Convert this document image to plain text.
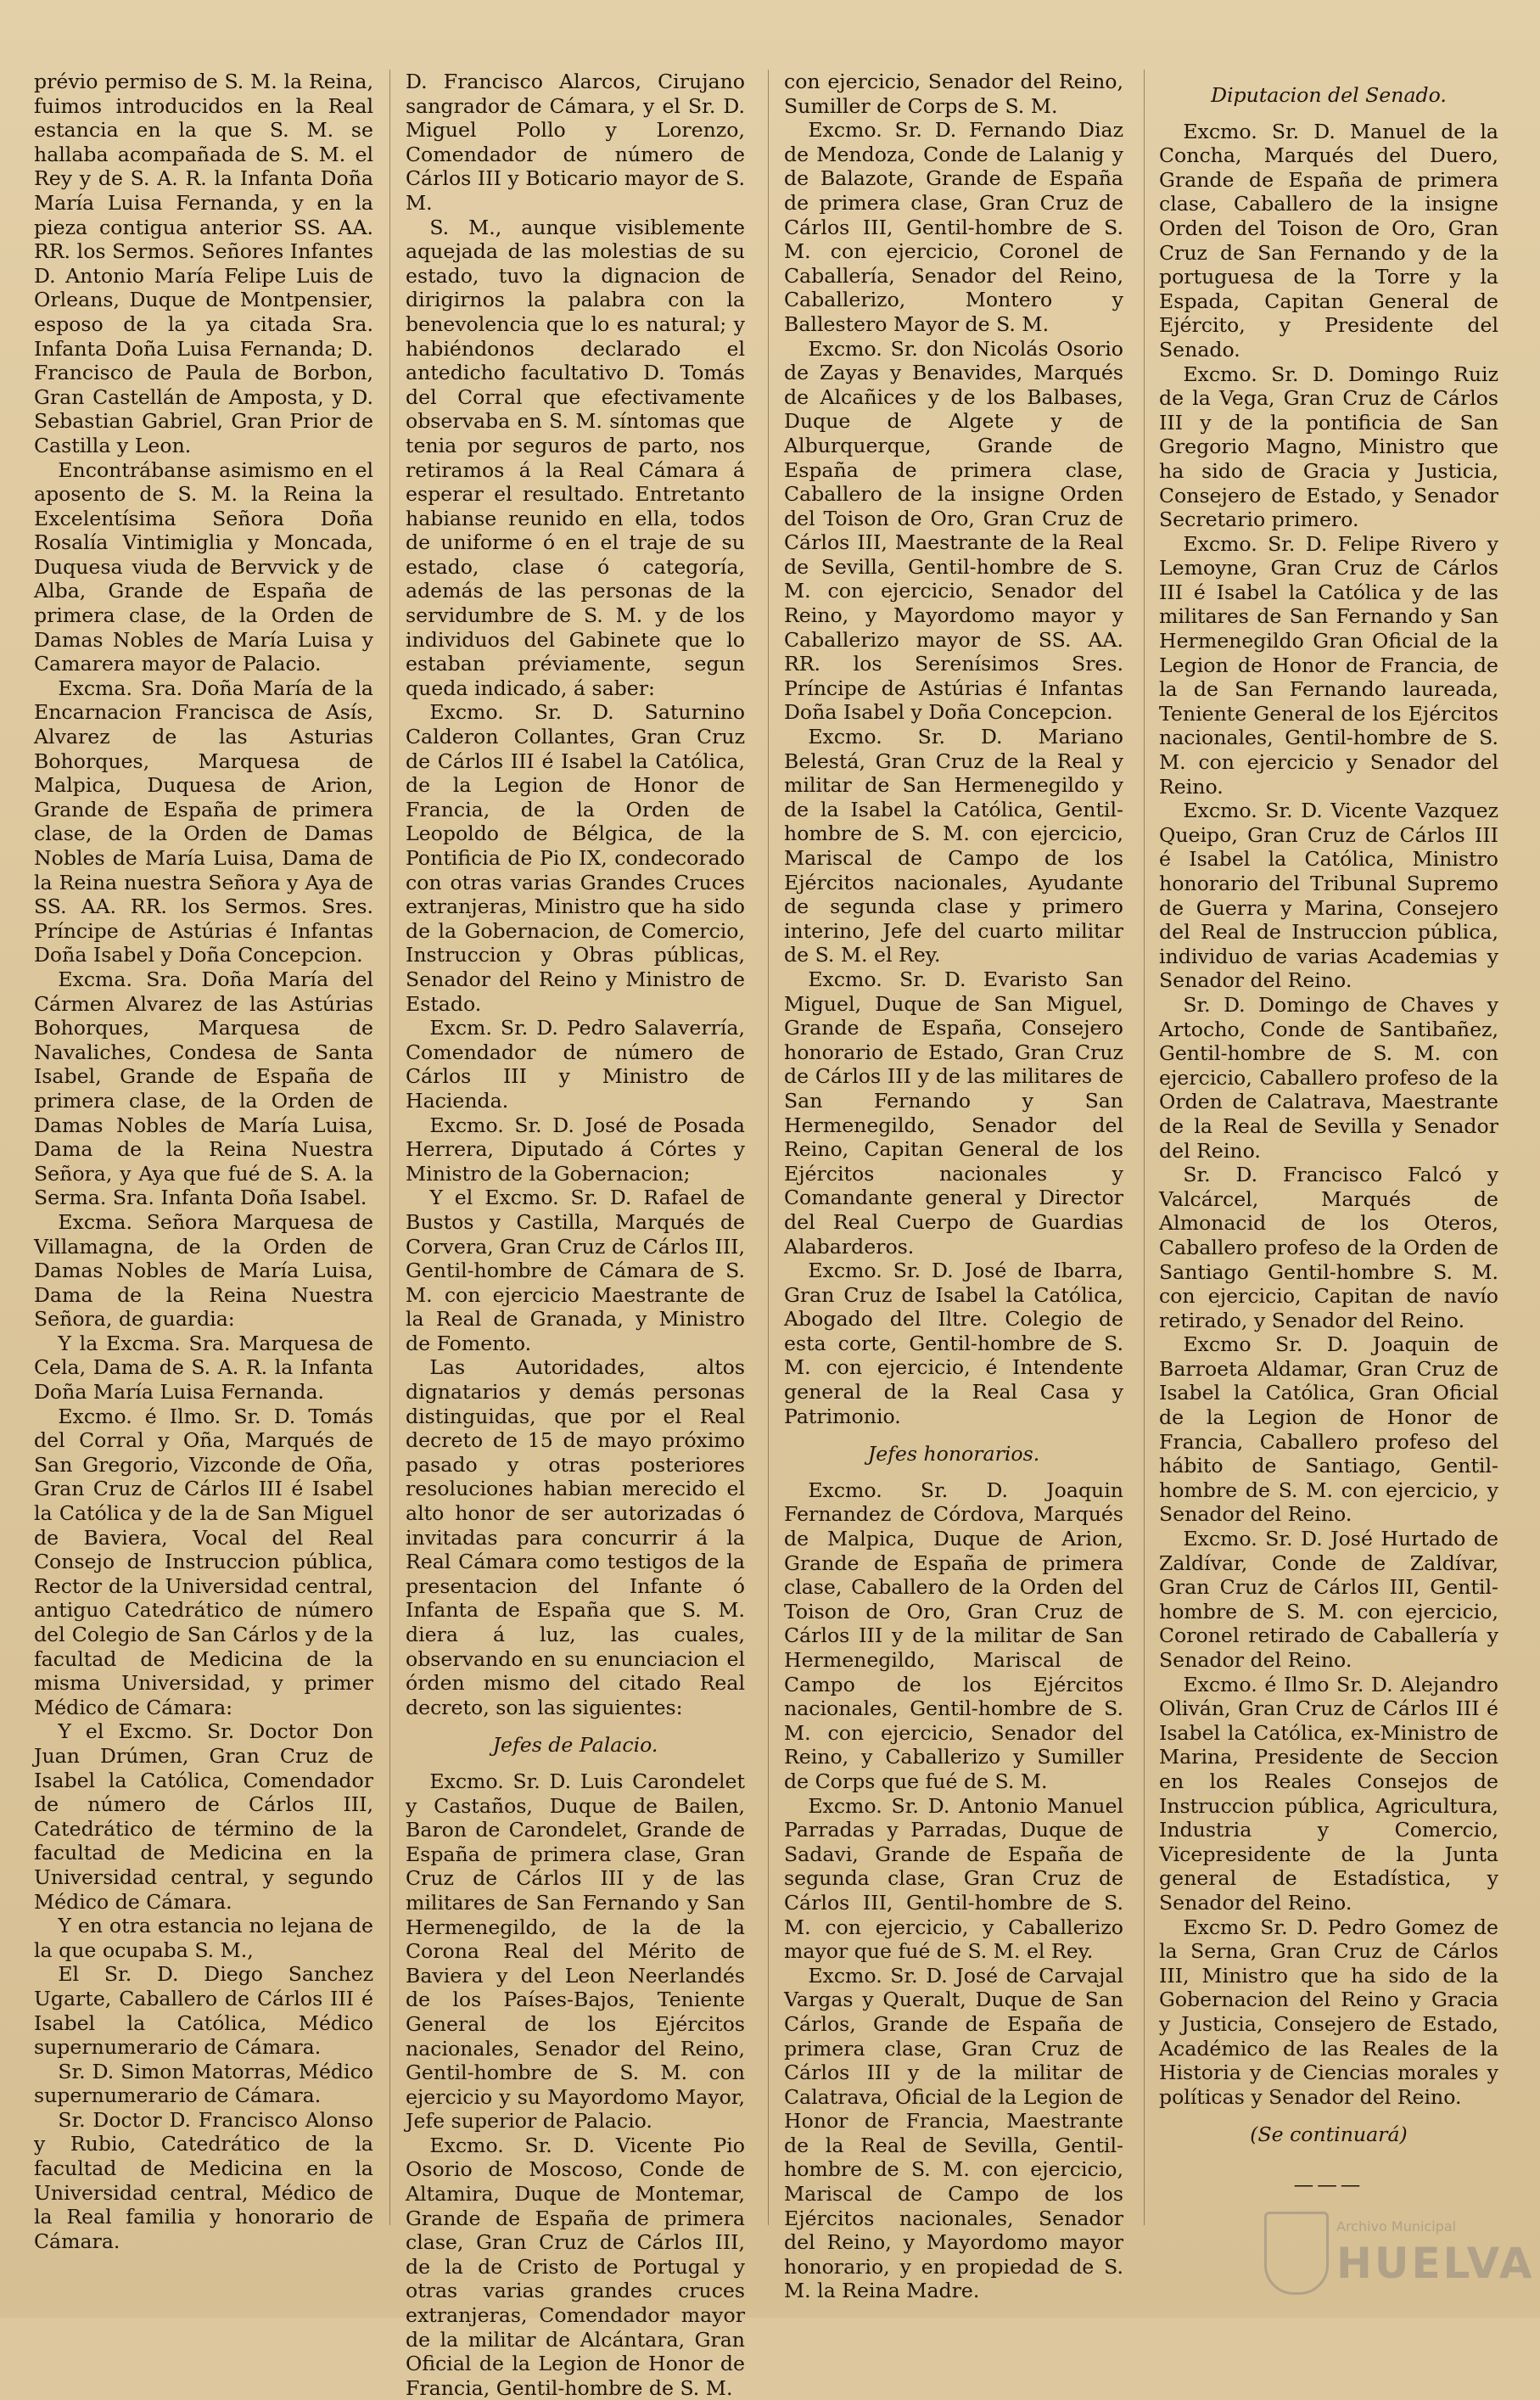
prévio permiso de S. M. la Reina, fuimos introducidos en la Real estancia en la que S. M. se hallaba acompañada de S. M. el Rey y de S. A. R. la Infanta Doña María Luisa Fernanda, y en la pieza contigua anterior SS. AA. RR. los Sermos. Señores Infantes D. Antonio María Felipe Luis de Orleans, Duque de Montpensier, esposo de la ya citada Sra. Infanta Doña Luisa Fernanda; D. Francisco de Paula de Borbon, Gran Castellán de Amposta, y D. Sebastian Gabriel, Gran Prior de Castilla y Leon.

Encontrábanse asimismo en el aposento de S. M. la Reina la Excelentísima Señora Doña Rosalía Vintimiglia y Moncada, Duquesa viuda de Bervvick y de Alba, Grande de España de primera clase, de la Orden de Damas Nobles de María Luisa y Camarera mayor de Palacio.

Excma. Sra. Doña María de la Encarnacion Francisca de Asís, Alvarez de las Asturias Bohorques, Marquesa de Malpica, Duquesa de Arion, Grande de España de primera clase, de la Orden de Damas Nobles de María Luisa, Dama de la Reina nuestra Señora y Aya de SS. AA. RR. los Sermos. Sres. Príncipe de Astúrias é Infantas Doña Isabel y Doña Concepcion.

Excma. Sra. Doña María del Cármen Alvarez de las Astúrias Bohorques, Marquesa de Navaliches, Condesa de Santa Isabel, Grande de España de primera clase, de la Orden de Damas Nobles de María Luisa, Dama de la Reina Nuestra Señora, y Aya que fué de S. A. la Serma. Sra. Infanta Doña Isabel.

Excma. Señora Marquesa de Villamagna, de la Orden de Damas Nobles de María Luisa, Dama de la Reina Nuestra Señora, de guardia:

Y la Excma. Sra. Marquesa de Cela, Dama de S. A. R. la Infanta Doña María Luisa Fernanda.

Excmo. é Ilmo. Sr. D. Tomás del Corral y Oña, Marqués de San Gregorio, Vizconde de Oña, Gran Cruz de Cárlos III é Isabel la Católica y de la de San Miguel de Baviera, Vocal del Real Consejo de Instruccion pública, Rector de la Universidad central, antiguo Catedrático de número del Colegio de San Cárlos y de la facultad de Medicina de la misma Universidad, y primer Médico de Cámara:

Y el Excmo. Sr. Doctor Don Juan Drúmen, Gran Cruz de Isabel la Católica, Comendador de número de Cárlos III, Catedrático de término de la facultad de Medicina en la Universidad central, y segundo Médico de Cámara.

Y en otra estancia no lejana de la que ocupaba S. M.,

El Sr. D. Diego Sanchez Ugarte, Caballero de Cárlos III é Isabel la Católica, Médico supernumerario de Cámara.

Sr. D. Simon Matorras, Médico supernumerario de Cámara.

Sr. Doctor D. Francisco Alonso y Rubio, Catedrático de la facultad de Medicina en la Universidad central, Médico de la Real familia y honorario de Cámara.

D. Francisco Alarcos, Cirujano sangrador de Cámara, y el Sr. D. Miguel Pollo y Lorenzo, Comendador de número de Cárlos III y Boticario mayor de S. M.

S. M., aunque visiblemente aquejada de las molestias de su estado, tuvo la dignacion de dirigirnos la palabra con la benevolencia que lo es natural; y habiéndonos declarado el antedicho facultativo D. Tomás del Corral que efectivamente observaba en S. M. síntomas que tenia por seguros de parto, nos retiramos á la Real Cámara á esperar el resultado. Entretanto habianse reunido en ella, todos de uniforme ó en el traje de su estado, clase ó categoría, además de las personas de la servidumbre de S. M. y de los individuos del Gabinete que lo estaban préviamente, segun queda indicado, á saber:

Excmo. Sr. D. Saturnino Calderon Collantes, Gran Cruz de Cárlos III é Isabel la Católica, de la Legion de Honor de Francia, de la Orden de Leopoldo de Bélgica, de la Pontificia de Pio IX, condecorado con otras varias Grandes Cruces extranjeras, Ministro que ha sido de la Gobernacion, de Comercio, Instruccion y Obras públicas, Senador del Reino y Ministro de Estado.

Excm. Sr. D. Pedro Salaverría, Comendador de número de Cárlos III y Ministro de Hacienda.

Excmo. Sr. D. José de Posada Herrera, Diputado á Córtes y Ministro de la Gobernacion;

Y el Excmo. Sr. D. Rafael de Bustos y Castilla, Marqués de Corvera, Gran Cruz de Cárlos III, Gentil-hombre de Cámara de S. M. con ejercicio Maestrante de la Real de Granada, y Ministro de Fomento.

Las Autoridades, altos dignatarios y demás personas distinguidas, que por el Real decreto de 15 de mayo próximo pasado y otras posteriores resoluciones habian merecido el alto honor de ser autorizadas ó invitadas para concurrir á la Real Cámara como testigos de la presentacion del Infante ó Infanta de España que S. M. diera á luz, las cuales, observando en su enunciacion el órden mismo del citado Real decreto, son las siguientes:

Jefes de Palacio.

Excmo. Sr. D. Luis Carondelet y Castaños, Duque de Bailen, Baron de Carondelet, Grande de España de primera clase, Gran Cruz de Cárlos III y de las militares de San Fernando y San Hermenegildo, de la de la Corona Real del Mérito de Baviera y del Leon Neerlandés de los Países-Bajos, Teniente General de los Ejércitos nacionales, Senador del Reino, Gentil-hombre de S. M. con ejercicio y su Mayordomo Mayor, Jefe superior de Palacio.

Excmo. Sr. D. Vicente Pio Osorio de Moscoso, Conde de Altamira, Duque de Montemar, Grande de España de primera clase, Gran Cruz de Cárlos III, de la de Cristo de Portugal y otras varias grandes cruces extranjeras, Comendador mayor de la militar de Alcántara, Gran Oficial de la Legion de Honor de Francia, Gentil-hombre de S. M.

con ejercicio, Senador del Reino, Sumiller de Corps de S. M.

Excmo. Sr. D. Fernando Diaz de Mendoza, Conde de Lalanig y de Balazote, Grande de España de primera clase, Gran Cruz de Cárlos III, Gentil-hombre de S. M. con ejercicio, Coronel de Caballería, Senador del Reino, Caballerizo, Montero y Ballestero Mayor de S. M.

Excmo. Sr. don Nicolás Osorio de Zayas y Benavides, Marqués de Alcañices y de los Balbases, Duque de Algete y de Alburquerque, Grande de España de primera clase, Caballero de la insigne Orden del Toison de Oro, Gran Cruz de Cárlos III, Maestrante de la Real de Sevilla, Gentil-hombre de S. M. con ejercicio, Senador del Reino, y Mayordomo mayor y Caballerizo mayor de SS. AA. RR. los Serenísimos Sres. Príncipe de Astúrias é Infantas Doña Isabel y Doña Concepcion.

Excmo. Sr. D. Mariano Belestá, Gran Cruz de la Real y militar de San Hermenegildo y de la Isabel la Católica, Gentil-hombre de S. M. con ejercicio, Mariscal de Campo de los Ejércitos nacionales, Ayudante de segunda clase y primero interino, Jefe del cuarto militar de S. M. el Rey.

Excmo. Sr. D. Evaristo San Miguel, Duque de San Miguel, Grande de España, Consejero honorario de Estado, Gran Cruz de Cárlos III y de las militares de San Fernando y San Hermenegildo, Senador del Reino, Capitan General de los Ejércitos nacionales y Comandante general y Director del Real Cuerpo de Guardias Alabarderos.

Excmo. Sr. D. José de Ibarra, Gran Cruz de Isabel la Católica, Abogado del Iltre. Colegio de esta corte, Gentil-hombre de S. M. con ejercicio, é Intendente general de la Real Casa y Patrimonio.

Jefes honorarios.

Excmo. Sr. D. Joaquin Fernandez de Córdova, Marqués de Malpica, Duque de Arion, Grande de España de primera clase, Caballero de la Orden del Toison de Oro, Gran Cruz de Cárlos III y de la militar de San Hermenegildo, Mariscal de Campo de los Ejércitos nacionales, Gentil-hombre de S. M. con ejercicio, Senador del Reino, y Caballerizo y Sumiller de Corps que fué de S. M.

Excmo. Sr. D. Antonio Manuel Parradas y Parradas, Duque de Sadavi, Grande de España de segunda clase, Gran Cruz de Cárlos III, Gentil-hombre de S. M. con ejercicio, y Caballerizo mayor que fué de S. M. el Rey.

Excmo. Sr. D. José de Carvajal Vargas y Queralt, Duque de San Cárlos, Grande de España de primera clase, Gran Cruz de Cárlos III y de la militar de Calatrava, Oficial de la Legion de Honor de Francia, Maestrante de la Real de Sevilla, Gentil-hombre de S. M. con ejercicio, Mariscal de Campo de los Ejércitos nacionales, Senador del Reino, y Mayordomo mayor honorario, y en propiedad de S. M. la Reina Madre.

Diputacion del Senado.

Excmo. Sr. D. Manuel de la Concha, Marqués del Duero, Grande de España de primera clase, Caballero de la insigne Orden del Toison de Oro, Gran Cruz de San Fernando y de la portuguesa de la Torre y la Espada, Capitan General de Ejército, y Presidente del Senado.

Excmo. Sr. D. Domingo Ruiz de la Vega, Gran Cruz de Cárlos III y de la pontificia de San Gregorio Magno, Ministro que ha sido de Gracia y Justicia, Consejero de Estado, y Senador Secretario primero.

Excmo. Sr. D. Felipe Rivero y Lemoyne, Gran Cruz de Cárlos III é Isabel la Católica y de las militares de San Fernando y San Hermenegildo Gran Oficial de la Legion de Honor de Francia, de la de San Fernando laureada, Teniente General de los Ejércitos nacionales, Gentil-hombre de S. M. con ejercicio y Senador del Reino.

Excmo. Sr. D. Vicente Vazquez Queipo, Gran Cruz de Cárlos III é Isabel la Católica, Ministro honorario del Tribunal Supremo de Guerra y Marina, Consejero del Real de Instruccion pública, individuo de varias Academias y Senador del Reino.

Sr. D. Domingo de Chaves y Artocho, Conde de Santibañez, Gentil-hombre de S. M. con ejercicio, Caballero profeso de la Orden de Calatrava, Maestrante de la Real de Sevilla y Senador del Reino.

Sr. D. Francisco Falcó y Valcárcel, Marqués de Almonacid de los Oteros, Caballero profeso de la Orden de Santiago Gentil-hombre S. M. con ejercicio, Capitan de navío retirado, y Senador del Reino.

Excmo Sr. D. Joaquin de Barroeta Aldamar, Gran Cruz de Isabel la Católica, Gran Oficial de la Legion de Honor de Francia, Caballero profeso del hábito de Santiago, Gentil-hombre de S. M. con ejercicio, y Senador del Reino.

Excmo. Sr. D. José Hurtado de Zaldívar, Conde de Zaldívar, Gran Cruz de Cárlos III, Gentil-hombre de S. M. con ejercicio, Coronel retirado de Caballería y Senador del Reino.

Excmo. é Ilmo Sr. D. Alejandro Oliván, Gran Cruz de Cárlos III é Isabel la Católica, ex-Ministro de Marina, Presidente de Seccion en los Reales Consejos de Instruccion pública, Agricultura, Industria y Comercio, Vicepresidente de la Junta general de Estadística, y Senador del Reino.

Excmo Sr. D. Pedro Gomez de la Serna, Gran Cruz de Cárlos III, Ministro que ha sido de la Gobernacion del Reino y Gracia y Justicia, Consejero de Estado, Académico de las Reales de la Historia y de Ciencias morales y políticas y Senador del Reino.

(Se continuará)

———
Archivo Municipal
HUELVA
